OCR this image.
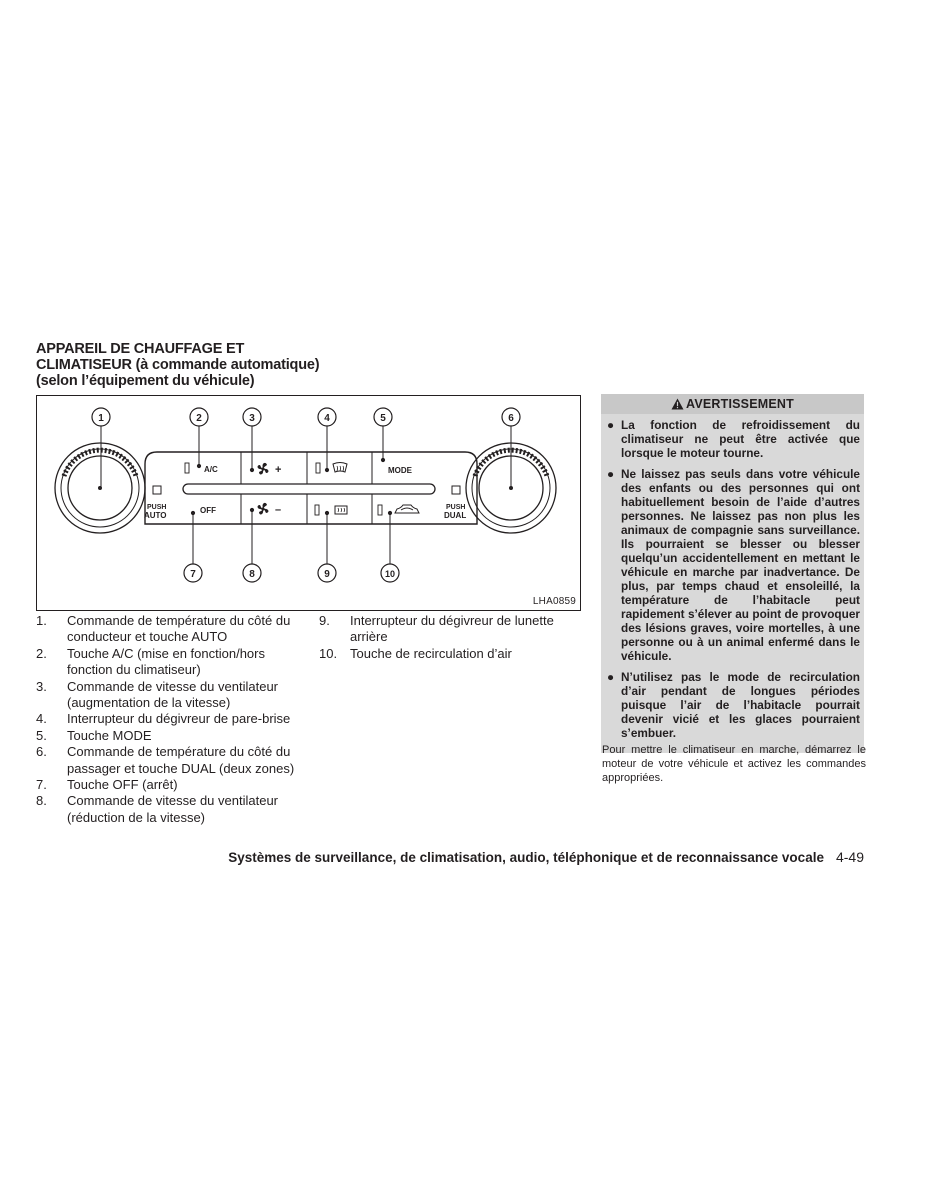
APPAREIL DE CHAUFFAGE ET
CLIMATISEUR (à commande automatique)
(selon l’équipement du véhicule)
PUSH
AUTO
PUSH
DUAL
A/C	+	MODE
OFF	–
1	2	3	4	5	6
7	8	9	10
LHA0859
1.	Commande de température du côté du conducteur et touche AUTO
2.	Touche A/C (mise en fonction/hors fonction du climatiseur)
3.	Commande de vitesse du ventilateur (augmentation de la vitesse)
4.	Interrupteur du dégivreur de pare-brise
5.	Touche MODE
6.	Commande de température du côté du passager et touche DUAL (deux zones)
7.	Touche OFF (arrêt)
8.	Commande de vitesse du ventilateur (réduction de la vitesse)
9.	Interrupteur du dégivreur de lunette arrière
10. Touche de recirculation d’air
AVERTISSEMENT
● La fonction de refroidissement du climatiseur ne peut être activée que lorsque le moteur tourne.
● Ne laissez pas seuls dans votre véhicule des enfants ou des personnes qui ont habituellement besoin de l’aide d’autres personnes. Ne laissez pas non plus les animaux de compagnie sans surveillance. Ils pourraient se blesser ou blesser quelqu’un accidentellement en mettant le véhicule en marche par inadvertance. De plus, par temps chaud et ensoleillé, la température de l’habitacle peut rapidement s’élever au point de provoquer des lésions graves, voire mortelles, à une personne ou à un animal enfermé dans le véhicule.
● N’utilisez pas le mode de recirculation d’air pendant de longues périodes puisque l’air de l’habitacle pourrait devenir vicié et les glaces pourraient s’embuer.
Pour mettre le climatiseur en marche, démarrez le moteur de votre véhicule et activez les commandes appropriées.
Systèmes de surveillance, de climatisation, audio, téléphonique et de reconnaissance vocale 4-49
